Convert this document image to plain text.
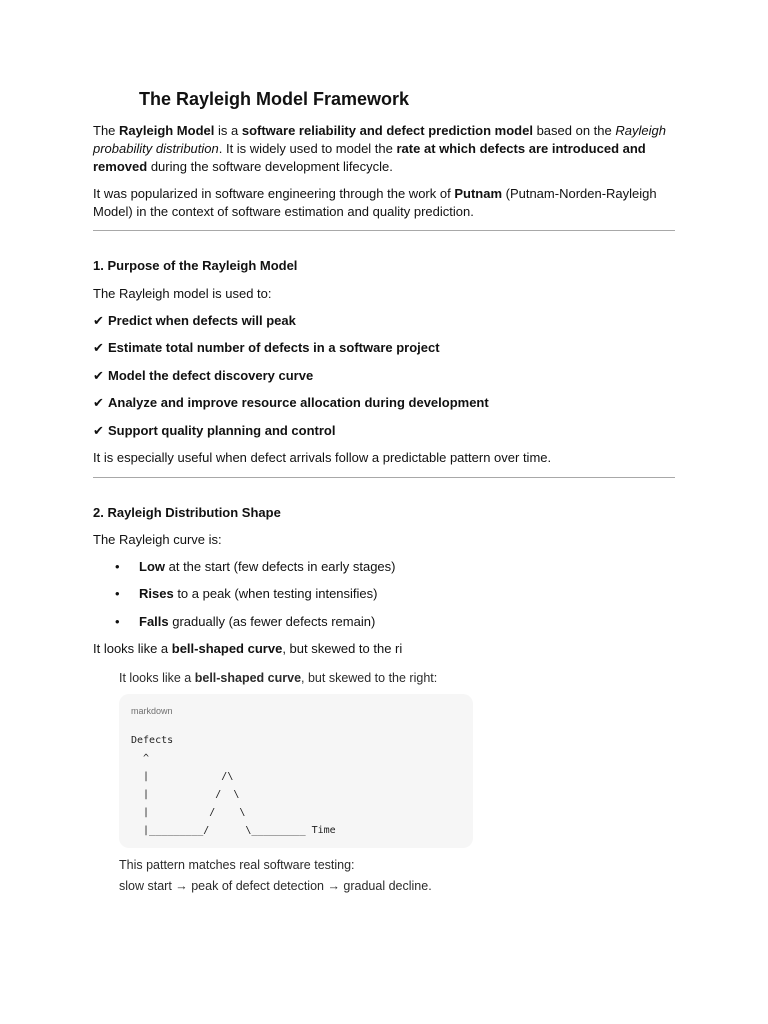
The Rayleigh Model Framework

The Rayleigh Model is a software reliability and defect prediction model based on the Rayleigh probability distribution. It is widely used to model the rate at which defects are introduced and removed during the software development lifecycle.

It was popularized in software engineering through the work of Putnam (Putnam-Norden-Rayleigh Model) in the context of software estimation and quality prediction.

1. Purpose of the Rayleigh Model

The Rayleigh model is used to:

✔ Predict when defects will peak
✔ Estimate total number of defects in a software project
✔ Model the defect discovery curve
✔ Analyze and improve resource allocation during development
✔ Support quality planning and control

It is especially useful when defect arrivals follow a predictable pattern over time.

2. Rayleigh Distribution Shape

The Rayleigh curve is:

• Low at the start (few defects in early stages)
• Rises to a peak (when testing intensifies)
• Falls gradually (as fewer defects remain)

It looks like a bell-shaped curve, but skewed to the ri

It looks like a bell-shaped curve, but skewed to the right:
markdown
Defects
^
|            /\
|           /  \
|          /    \
|_________/      \_________ Time
This pattern matches real software testing:
slow start → peak of defect detection → gradual decline.
